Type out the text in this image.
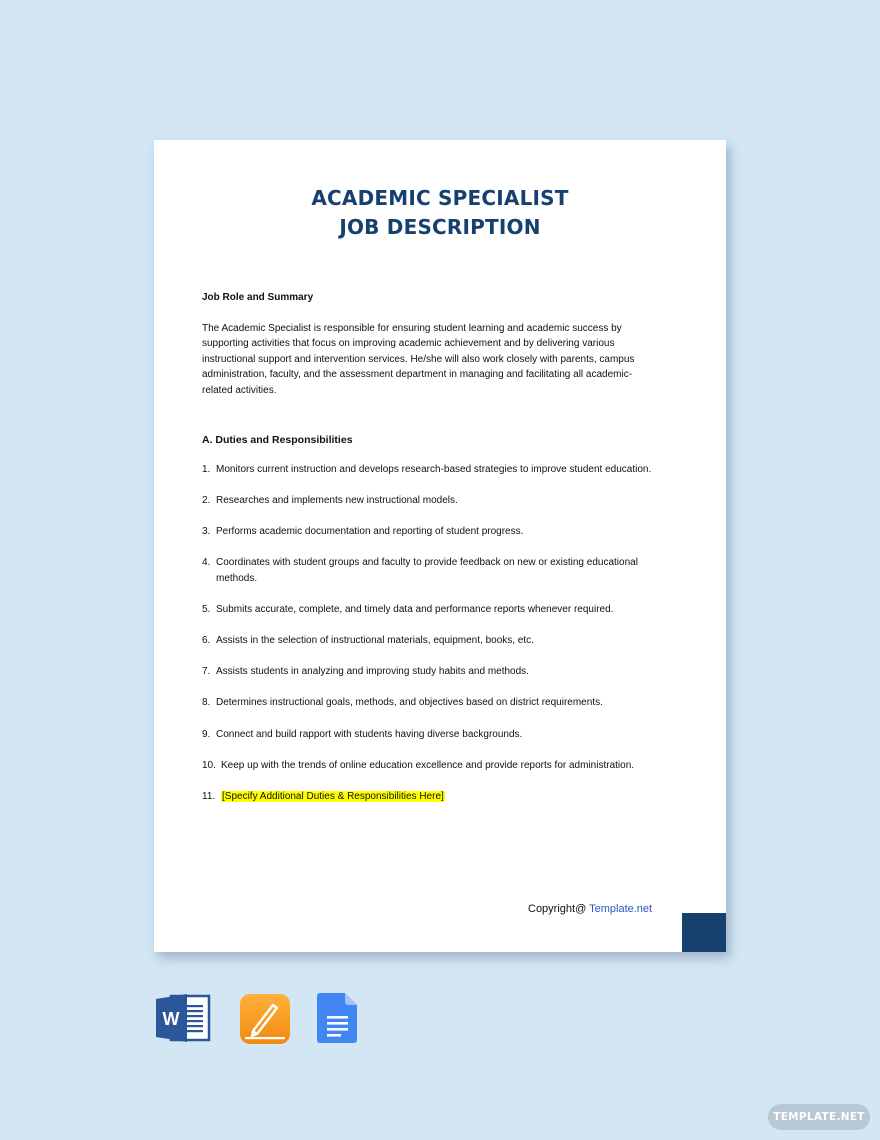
ACADEMIC SPECIALIST
JOB DESCRIPTION

Job Role and Summary

The Academic Specialist is responsible for ensuring student learning and academic success by supporting activities that focus on improving academic achievement and by delivering various instructional support and intervention services. He/she will also work closely with parents, campus administration, faculty, and the assessment department in managing and facilitating all academic-related activities.

A. Duties and Responsibilities

1. Monitors current instruction and develops research-based strategies to improve student education.
2. Researches and implements new instructional models.
3. Performs academic documentation and reporting of student progress.
4. Coordinates with student groups and faculty to provide feedback on new or existing educational methods.
5. Submits accurate, complete, and timely data and performance reports whenever required.
6. Assists in the selection of instructional materials, equipment, books, etc.
7. Assists students in analyzing and improving study habits and methods.
8. Determines instructional goals, methods, and objectives based on district requirements.
9. Connect and build rapport with students having diverse backgrounds.
10. Keep up with the trends of online education excellence and provide reports for administration.
11. [Specify Additional Duties & Responsibilities Here]
Copyright@ Template.net
W
TEMPLATE.NET
